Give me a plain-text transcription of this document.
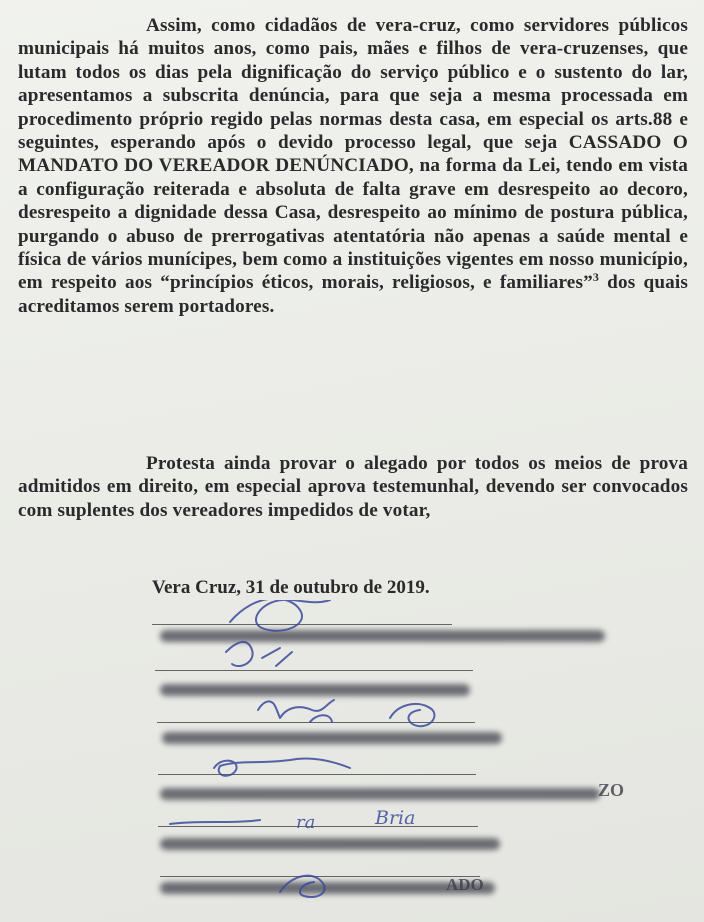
Assim, como cidadãos de vera-cruz, como servidores públicos municipais há muitos anos, como pais, mães e filhos de vera-cruzenses, que lutam todos os dias pela dignificação do serviço público e o sustento do lar, apresentamos a subscrita denúncia, para que seja a mesma processada em procedimento próprio regido pelas normas desta casa, em especial os arts.88 e seguintes, esperando após o devido processo legal, que seja CASSADO O MANDATO DO VEREADOR DENÚNCIADO, na forma da Lei, tendo em vista a configuração reiterada e absoluta de falta grave em desrespeito ao decoro, desrespeito a dignidade dessa Casa, desrespeito ao mínimo de postura pública, purgando o abuso de prerrogativas atentatória não apenas a saúde mental e física de vários munícipes, bem como a instituições vigentes em nosso município, em respeito aos “princípios éticos, morais, religiosos, e familiares”$^3$ dos quais acreditamos serem portadores.

Protesta ainda provar o alegado por todos os meios de prova admitidos em direito, em especial aprova testemunhal, devendo ser convocados com suplentes dos vereadores impedidos de votar,

Vera Cruz, 31 de outubro de 2019.
ra	Bria
ZO
ADO
